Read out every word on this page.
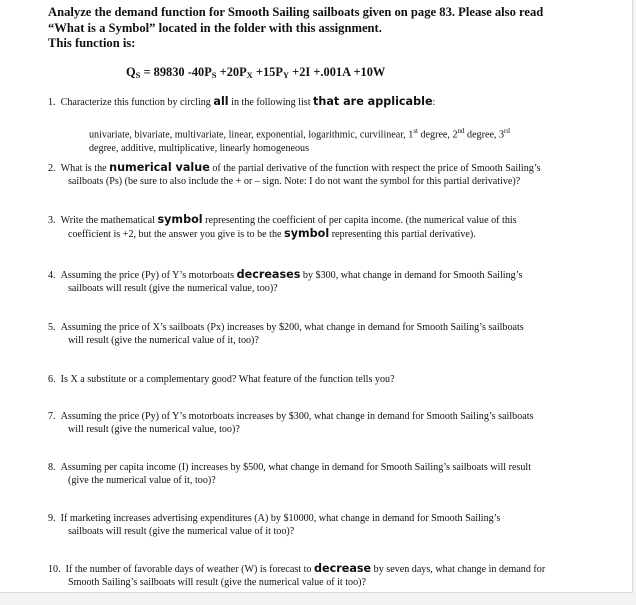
Analyze the demand function for Smooth Sailing sailboats given on page 83. Please also read
“What is a Symbol” located in the folder with this assignment.
This function is:
$Q_S = 89830$ $-40P_S +20P_X +15P_Y +2I +.001A +10W$
1. Characterize this function by circling all in the following list that are applicable:
univariate, bivariate, multivariate, linear, exponential, logarithmic, curvilinear, 1st degree, 2nd degree, 3rd
degree, additive, multiplicative, linearly homogeneous
2. What is the numerical value of the partial derivative of the function with respect the price of Smooth Sailing’s
sailboats (Ps) (be sure to also include the + or – sign. Note: I do not want the symbol for this partial derivative)?
3. Write the mathematical symbol representing the coefficient of per capita income. (the numerical value of this
coefficient is +2, but the answer you give is to be the symbol representing this partial derivative).
4. Assuming the price (Py) of Y’s motorboats decreases by $300, what change in demand for Smooth Sailing’s
sailboats will result (give the numerical value, too)?
5. Assuming the price of X’s sailboats (Px) increases by $200, what change in demand for Smooth Sailing’s sailboats
will result (give the numerical value of it, too)?
6. Is X a substitute or a complementary good? What feature of the function tells you?
7. Assuming the price (Py) of Y’s motorboats increases by $300, what change in demand for Smooth Sailing’s sailboats
will result (give the numerical value, too)?
8. Assuming per capita income (I) increases by $500, what change in demand for Smooth Sailing’s sailboats will result
(give the numerical value of it, too)?
9. If marketing increases advertising expenditures (A) by $10000, what change in demand for Smooth Sailing’s
sailboats will result (give the numerical value of it too)?
10. If the number of favorable days of weather (W) is forecast to decrease by seven days, what change in demand for
Smooth Sailing’s sailboats will result (give the numerical value of it too)?
